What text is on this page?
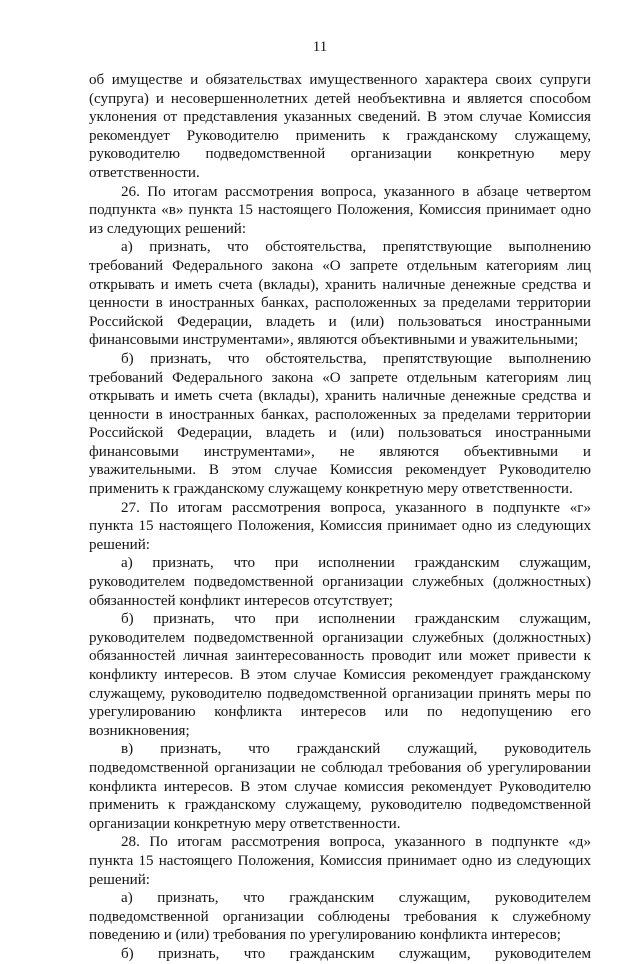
11

об имуществе и обязательствах имущественного характера своих супруги (супруга) и несовершеннолетних детей необъективна и является способом уклонения от представления указанных сведений. В этом случае Комиссия рекомендует Руководителю применить к гражданскому служащему, руководителю подведомственной организации конкретную меру ответственности.

26. По итогам рассмотрения вопроса, указанного в абзаце четвертом подпункта «в» пункта 15 настоящего Положения, Комиссия принимает одно из следующих решений:

а) признать, что обстоятельства, препятствующие выполнению требований Федерального закона «О запрете отдельным категориям лиц открывать и иметь счета (вклады), хранить наличные денежные средства и ценности в иностранных банках, расположенных за пределами территории Российской Федерации, владеть и (или) пользоваться иностранными финансовыми инструментами», являются объективными и уважительными;

б) признать, что обстоятельства, препятствующие выполнению требований Федерального закона «О запрете отдельным категориям лиц открывать и иметь счета (вклады), хранить наличные денежные средства и ценности в иностранных банках, расположенных за пределами территории Российской Федерации, владеть и (или) пользоваться иностранными финансовыми инструментами», не являются объективными и уважительными. В этом случае Комиссия рекомендует Руководителю применить к гражданскому служащему конкретную меру ответственности.

27. По итогам рассмотрения вопроса, указанного в подпункте «г» пункта 15 настоящего Положения, Комиссия принимает одно из следующих решений:

а) признать, что при исполнении гражданским служащим, руководителем подведомственной организации служебных (должностных) обязанностей конфликт интересов отсутствует;

б) признать, что при исполнении гражданским служащим, руководителем подведомственной организации служебных (должностных) обязанностей личная заинтересованность проводит или может привести к конфликту интересов. В этом случае Комиссия рекомендует гражданскому служащему, руководителю подведомственной организации принять меры по урегулированию конфликта интересов или по недопущению его возникновения;

в) признать, что гражданский служащий, руководитель подведомственной организации не соблюдал требования об урегулировании конфликта интересов. В этом случае комиссия рекомендует Руководителю применить к гражданскому служащему, руководителю подведомственной организации конкретную меру ответственности.

28. По итогам рассмотрения вопроса, указанного в подпункте «д» пункта 15 настоящего Положения, Комиссия принимает одно из следующих решений:

а) признать, что гражданским служащим, руководителем подведомственной организации соблюдены требования к служебному поведению и (или) требования по урегулированию конфликта интересов;

б) признать, что гражданским служащим, руководителем
